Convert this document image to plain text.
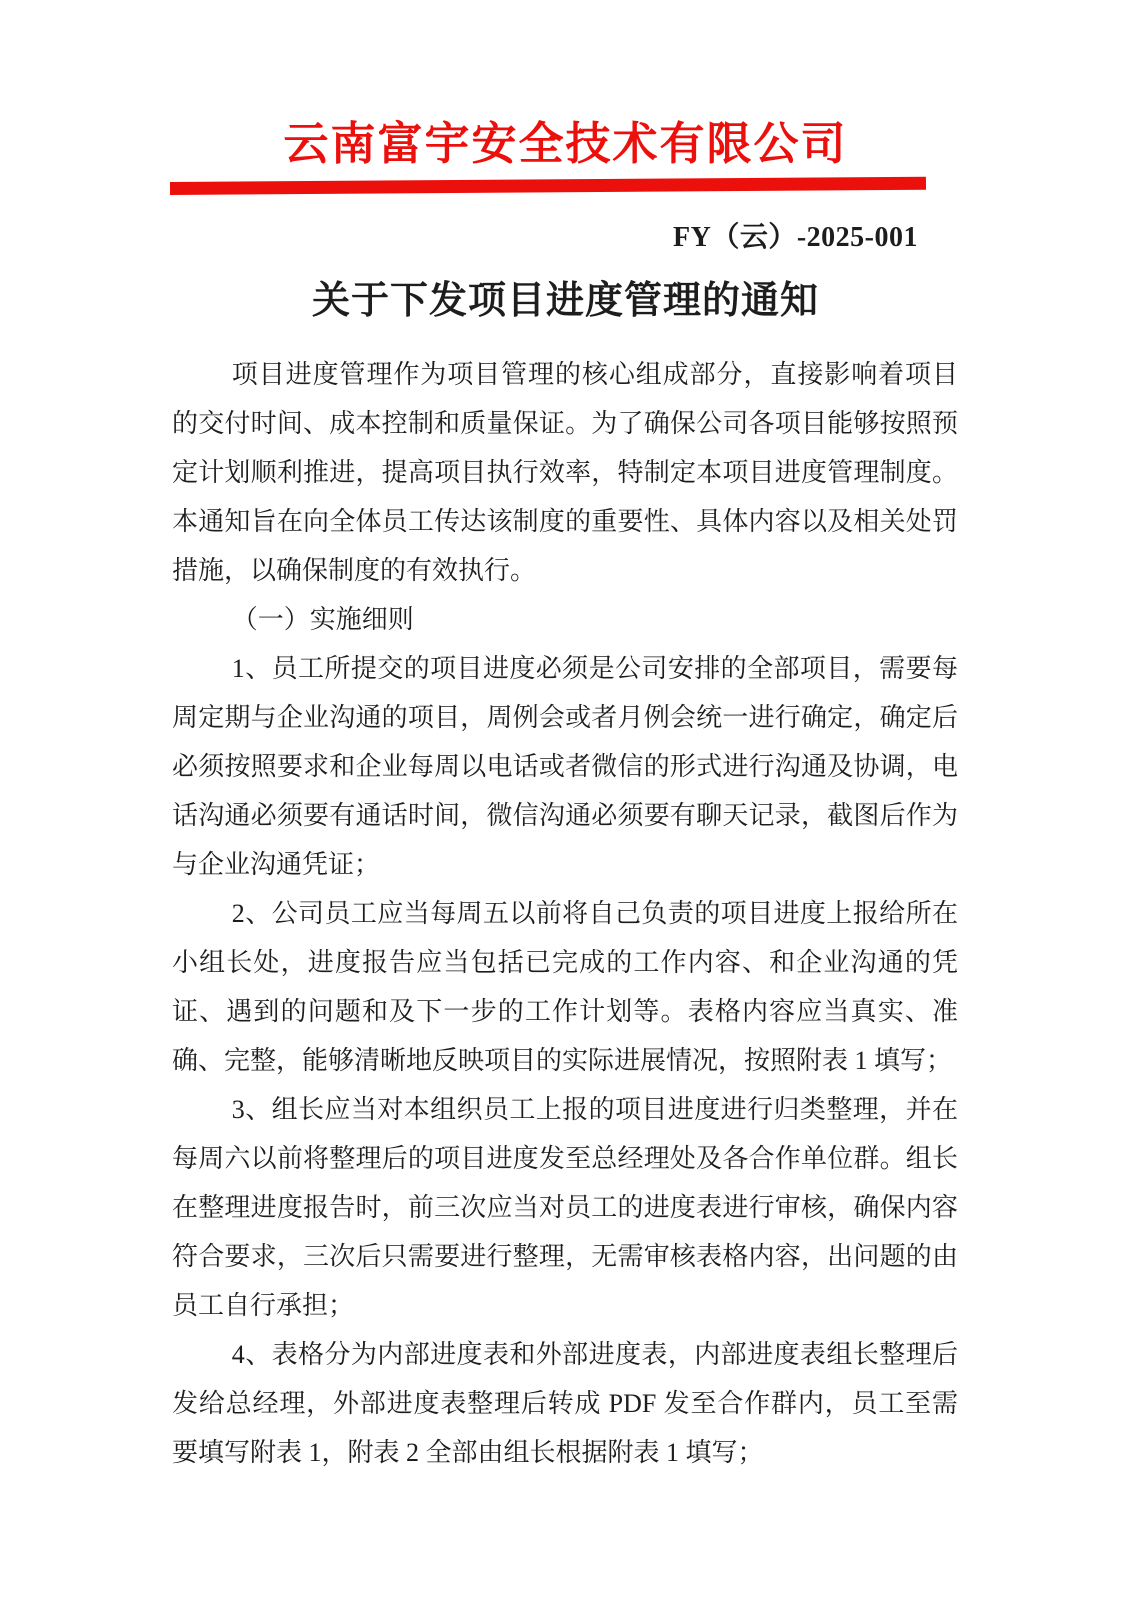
云南富宇安全技术有限公司
FY（云）-2025-001
关于下发项目进度管理的通知

项目进度管理作为项目管理的核心组成部分，直接影响着项目的交付时间、成本控制和质量保证。为了确保公司各项目能够按照预定计划顺利推进，提高项目执行效率，特制定本项目进度管理制度。本通知旨在向全体员工传达该制度的重要性、具体内容以及相关处罚措施，以确保制度的有效执行。

（一）实施细则

1、员工所提交的项目进度必须是公司安排的全部项目，需要每周定期与企业沟通的项目，周例会或者月例会统一进行确定，确定后必须按照要求和企业每周以电话或者微信的形式进行沟通及协调，电话沟通必须要有通话时间，微信沟通必须要有聊天记录，截图后作为与企业沟通凭证；

2、公司员工应当每周五以前将自己负责的项目进度上报给所在小组长处，进度报告应当包括已完成的工作内容、和企业沟通的凭证、遇到的问题和及下一步的工作计划等。表格内容应当真实、准确、完整，能够清晰地反映项目的实际进展情况，按照附表 1 填写；

3、组长应当对本组织员工上报的项目进度进行归类整理，并在每周六以前将整理后的项目进度发至总经理处及各合作单位群。组长在整理进度报告时，前三次应当对员工的进度表进行审核，确保内容符合要求，三次后只需要进行整理，无需审核表格内容，出问题的由员工自行承担；

4、表格分为内部进度表和外部进度表，内部进度表组长整理后发给总经理，外部进度表整理后转成 PDF 发至合作群内，员工至需要填写附表 1，附表 2 全部由组长根据附表 1 填写；
